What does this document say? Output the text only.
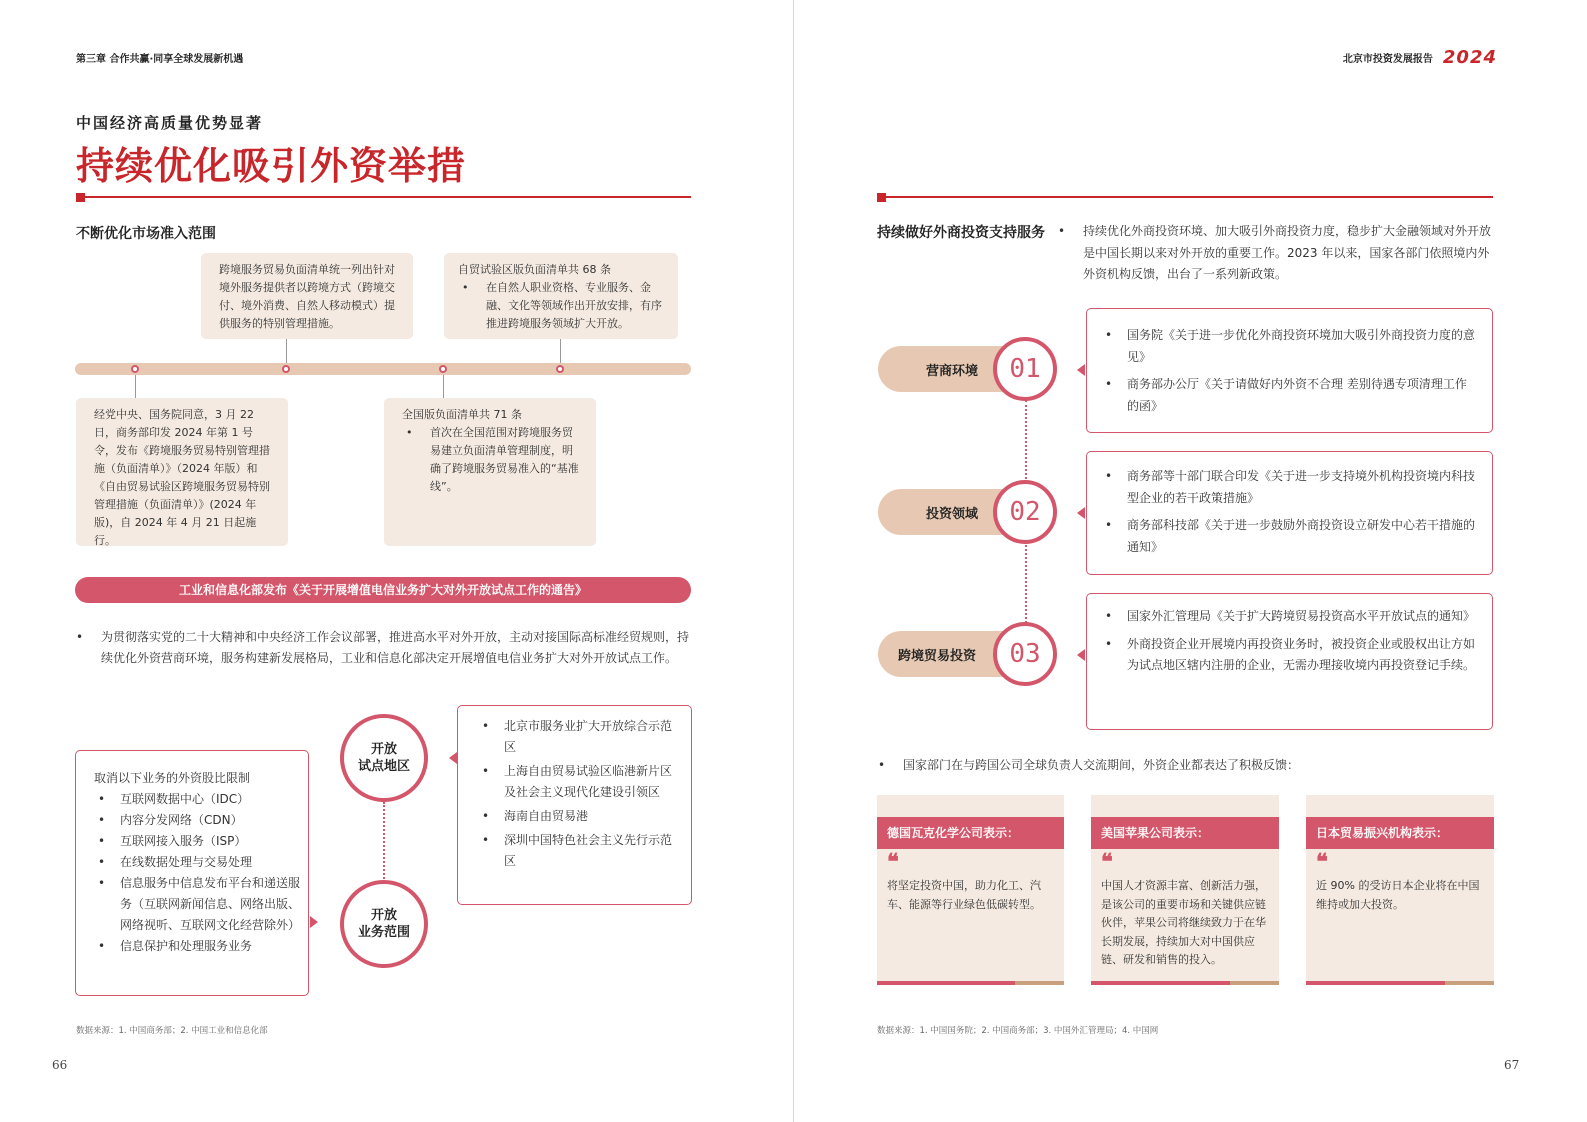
第三章 合作共赢·同享全球发展新机遇
中国经济高质量优势显著
持续优化吸引外资举措
不断优化市场准入范围
跨境服务贸易负面清单统一列出针对境外服务提供者以跨境方式（跨境交付、境外消费、自然人移动模式）提供服务的特别管理措施。
自贸试验区版负面清单共 68 条
• 在自然人职业资格、专业服务、金融、文化等领域作出开放安排，有序推进跨境服务领域扩大开放。
经党中央、国务院同意，3 月 22 日，商务部印发 2024 年第 1 号令，发布《跨境服务贸易特别管理措施（负面清单）》（2024 年版）和《自由贸易试验区跨境服务贸易特别管理措施（负面清单）》(2024 年版)，自 2024 年 4 月 21 日起施行。
全国版负面清单共 71 条
• 首次在全国范围对跨境服务贸易建立负面清单管理制度，明确了跨境服务贸易准入的“基准线”。
工业和信息化部发布《关于开展增值电信业务扩大对外开放试点工作的通告》
• 为贯彻落实党的二十大精神和中央经济工作会议部署，推进高水平对外开放，主动对接国际高标准经贸规则，持续优化外资营商环境，服务构建新发展格局，工业和信息化部决定开展增值电信业务扩大对外开放试点工作。
• 北京市服务业扩大开放综合示范区
• 上海自由贸易试验区临港新片区及社会主义现代化建设引领区
• 海南自由贸易港
• 深圳中国特色社会主义先行示范区
取消以下业务的外资股比限制
• 互联网数据中心（IDC）
• 内容分发网络（CDN）
• 互联网接入服务（ISP）
• 在线数据处理与交易处理
• 信息服务中信息发布平台和递送服务（互联网新闻信息、网络出版、网络视听、互联网文化经营除外）
• 信息保护和处理服务业务
开放
试点地区
开放
业务范围
数据来源：1. 中国商务部；2. 中国工业和信息化部
66
北京市投资发展报告 2024
持续做好外商投资支持服务 • 持续优化外商投资环境、加大吸引外商投资力度，稳步扩大金融领域对外开放是中国长期以来对外开放的重要工作。2023 年以来，国家各部门依照境内外外资机构反馈，出台了一系列新政策。
营商环境 01
• 国务院《关于进一步优化外商投资环境加大吸引外商投资力度的意见》
• 商务部办公厅《关于请做好内外资不合理 差别待遇专项清理工作的函》
投资领域 02
• 商务部等十部门联合印发《关于进一步支持境外机构投资境内科技型企业的若干政策措施》
• 商务部科技部《关于进一步鼓励外商投资设立研发中心若干措施的通知》
跨境贸易投资 03
• 国家外汇管理局《关于扩大跨境贸易投资高水平开放试点的通知》
• 外商投资企业开展境内再投资业务时，被投资企业或股权出让方如为试点地区辖内注册的企业，无需办理接收境内再投资登记手续。
• 国家部门在与跨国公司全球负责人交流期间，外资企业都表达了积极反馈：
德国瓦克化学公司表示：
❝
将坚定投资中国，助力化工、汽车、能源等行业绿色低碳转型。
美国苹果公司表示：
❝
中国人才资源丰富、创新活力强，是该公司的重要市场和关键供应链伙伴，苹果公司将继续致力于在华长期发展，持续加大对中国供应链、研发和销售的投入。
日本贸易振兴机构表示：
❝
近 90% 的受访日本企业将在中国维持或加大投资。
数据来源：1. 中国国务院；2. 中国商务部；3. 中国外汇管理局；4. 中国网
67
